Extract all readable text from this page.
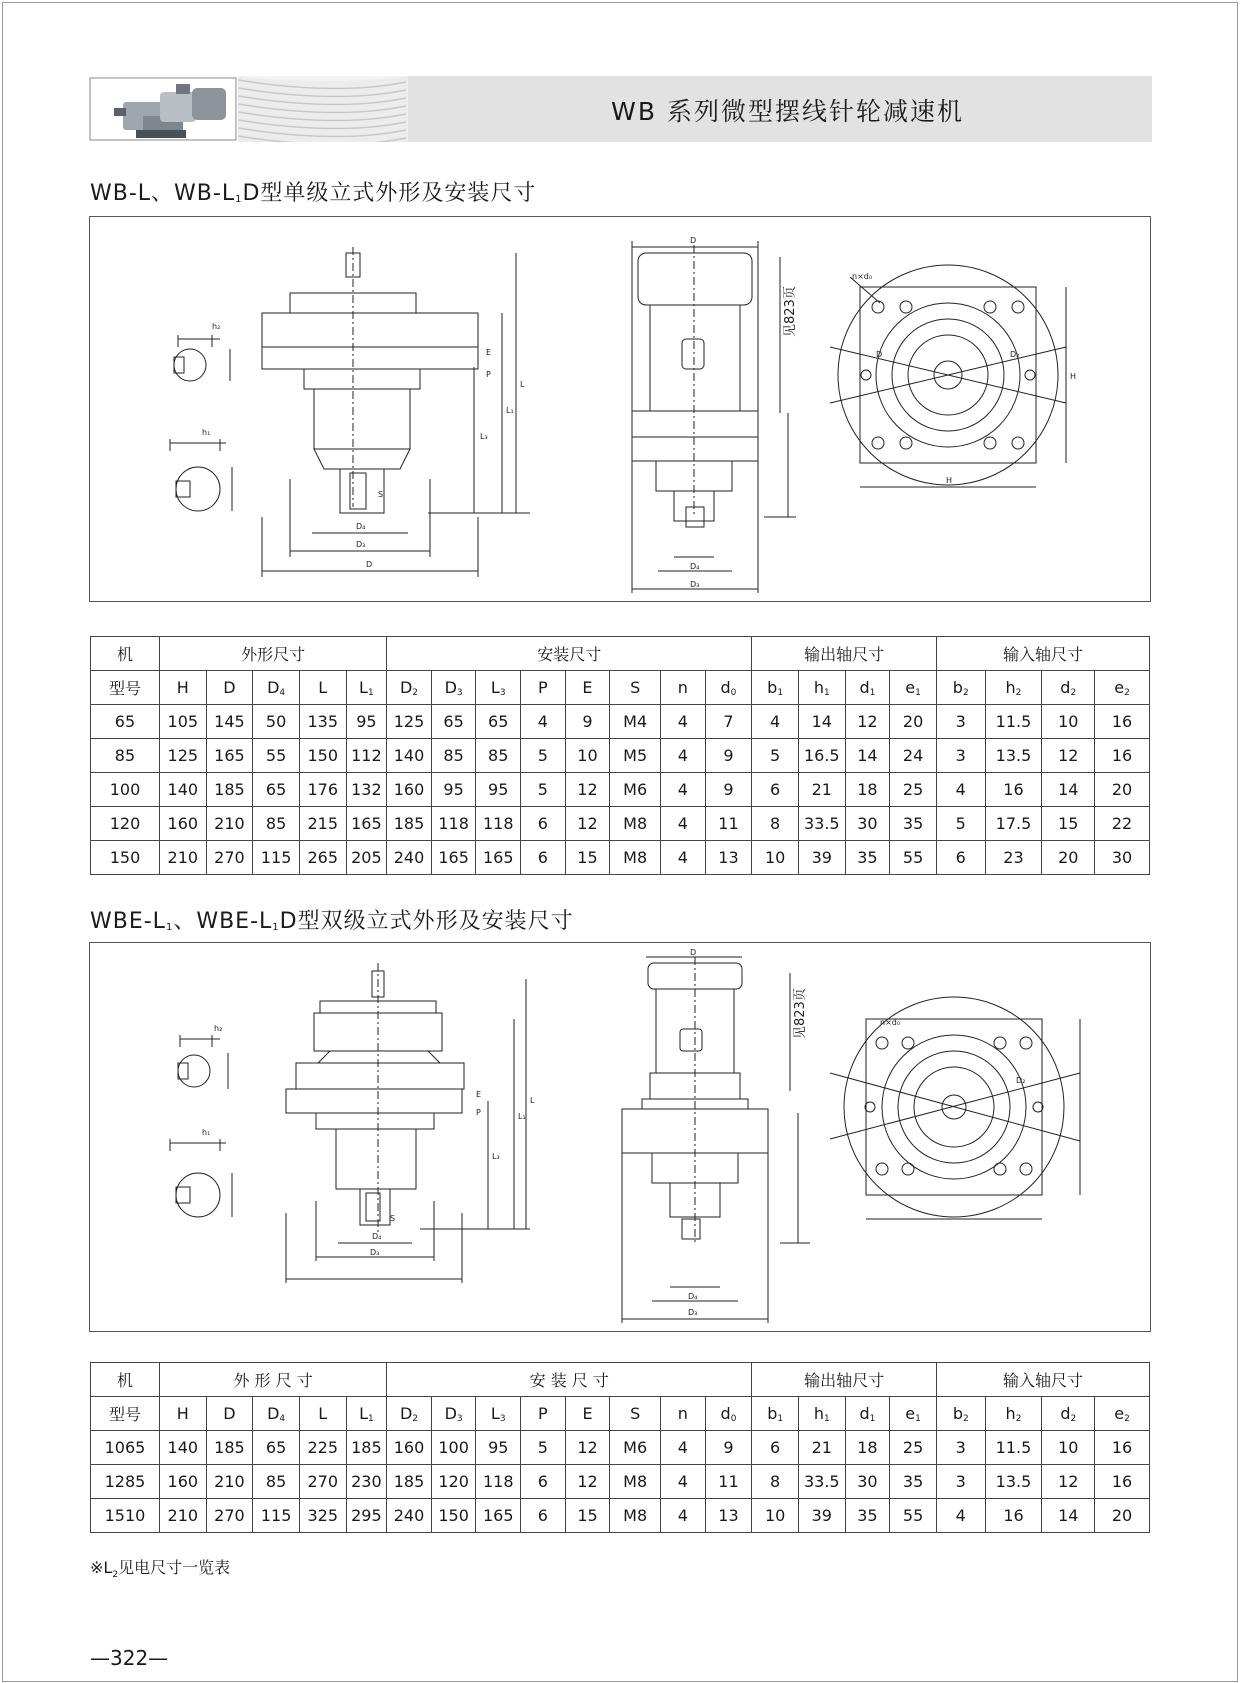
WB 系列微型摆线针轮减速机
WB-L、$WB-L_1D$型单级立式外形及安装尺寸
h₂
h₁
S
D₄
D₃
D
L
L₁
L₃
E
P
D
见823页
D₄
D₃
n×d₀
D	D₂
H
H
机	外形尺寸					安装尺寸								输出轴尺寸				输入轴尺寸			
型号	H	D	$D_4$	L	$L_1$	$D_2$	$D_3$	$L_3$	P	E	S	n	$d_0$	$b_1$	$h_1$	$d_1$	$e_1$	$b_2$	$h_2$	$d_2$	$e_2$
65	105	145	50	135	95	125	65	65	4	9	M4	4	7	4	14	12	20	3	11.5	10	16
85	125	165	55	150	112	140	85	85	5	10	M5	4	9	5	16.5	14	24	3	13.5	12	16
100	140	185	65	176	132	160	95	95	5	12	M6	4	9	6	21	18	25	4	16	14	20
120	160	210	85	215	165	185	118	118	6	12	M8	4	11	8	33.5	30	35	5	17.5	15	22
150	210	270	115	265	205	240	165	165	6	15	M8	4	13	10	39	35	55	6	23	20	30
WBE-$L_1$、WBE-$L_1D$型双级立式外形及安装尺寸
h₂
h₁
S
D₄
D₃
L
L₁
L₃
E
P
D
见823页
D₄
D₃
n×d₀
D₂
机	外 形 尺 寸					安 装 尺 寸								输出轴尺寸				输入轴尺寸			
型号	H	D	$D_4$	L	$L_1$	$D_2$	$D_3$	$L_3$	P	E	S	n	$d_0$	$b_1$	$h_1$	$d_1$	$e_1$	$b_2$	$h_2$	$d_2$	$e_2$
1065	140	185	65	225	185	160	100	95	5	12	M6	4	9	6	21	18	25	3	11.5	10	16
1285	160	210	85	270	230	185	120	118	6	12	M8	4	11	8	33.5	30	35	3	13.5	12	16
1510	210	270	115	325	295	240	150	165	6	15	M8	4	13	10	39	35	55	4	16	14	20
$※L_2$见电尺寸一览表
—322—
